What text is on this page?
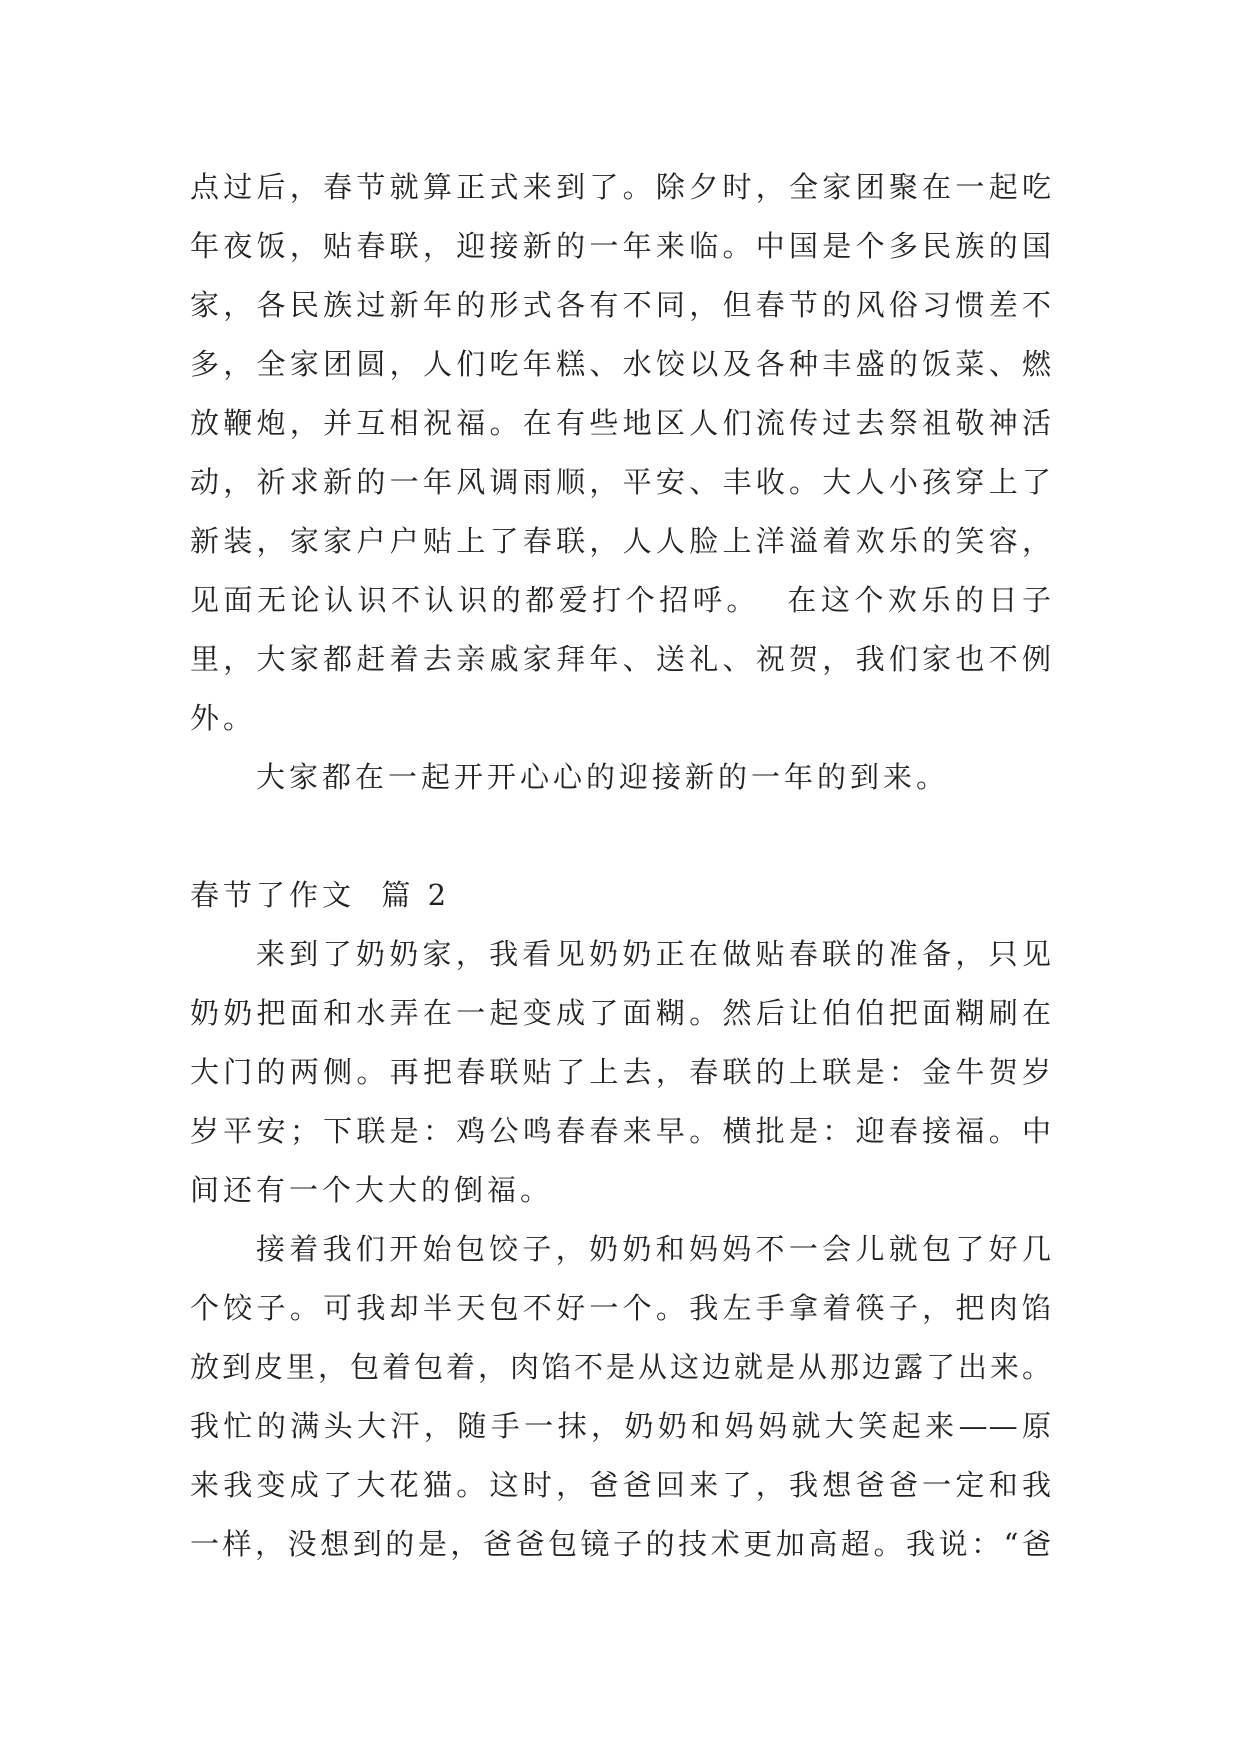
点过后，春节就算正式来到了。除夕时，全家团聚在一起吃
年夜饭，贴春联，迎接新的一年来临。中国是个多民族的国
家，各民族过新年的形式各有不同，但春节的风俗习惯差不
多，全家团圆，人们吃年糕、水饺以及各种丰盛的饭菜、燃
放鞭炮，并互相祝福。在有些地区人们流传过去祭祖敬神活
动，祈求新的一年风调雨顺，平安、丰收。大人小孩穿上了
新装，家家户户贴上了春联，人人脸上洋溢着欢乐的笑容，
见面无论认识不认识的都爱打个招呼。  在这个欢乐的日子
里，大家都赶着去亲戚家拜年、送礼、祝贺，我们家也不例
外。
大家都在一起开开心心的迎接新的一年的到来。
春节了作文  篇 2
来到了奶奶家，我看见奶奶正在做贴春联的准备，只见
奶奶把面和水弄在一起变成了面糊。然后让伯伯把面糊刷在
大门的两侧。再把春联贴了上去，春联的上联是：金牛贺岁
岁平安；下联是：鸡公鸣春春来早。横批是：迎春接福。中
间还有一个大大的倒福。
接着我们开始包饺子，奶奶和妈妈不一会儿就包了好几
个饺子。可我却半天包不好一个。我左手拿着筷子，把肉馅
放到皮里，包着包着，肉馅不是从这边就是从那边露了出来。
我忙的满头大汗，随手一抹，奶奶和妈妈就大笑起来——原
来我变成了大花猫。这时，爸爸回来了，我想爸爸一定和我
一样，没想到的是，爸爸包镜子的技术更加高超。我说：“爸
